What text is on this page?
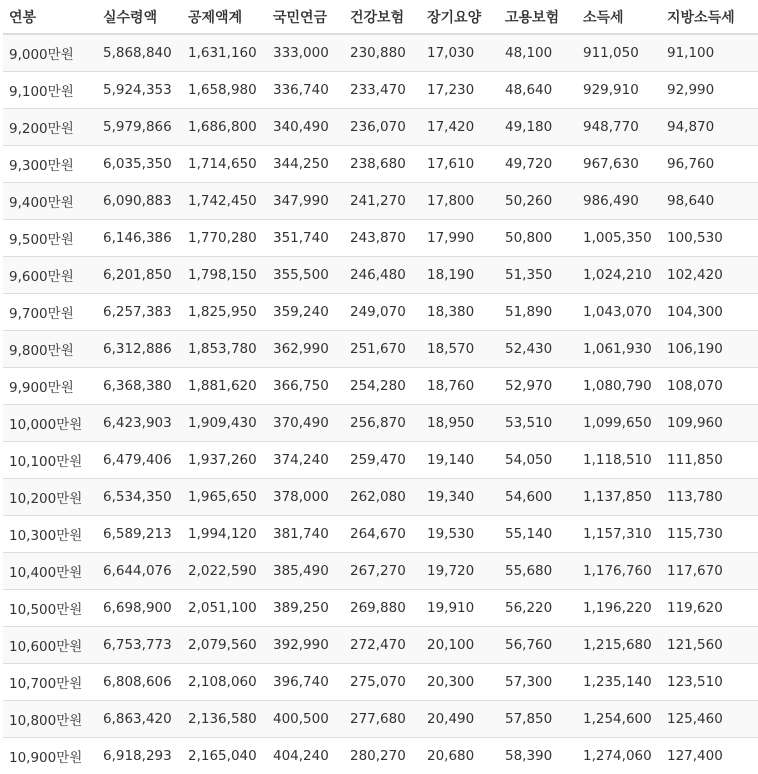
연봉	실수령액	공제액계	국민연금	건강보험	장기요양	고용보험	소득세	지방소득세
9,000만원	5,868,840	1,631,160	333,000	230,880	17,030	48,100	911,050	91,100
9,100만원	5,924,353	1,658,980	336,740	233,470	17,230	48,640	929,910	92,990
9,200만원	5,979,866	1,686,800	340,490	236,070	17,420	49,180	948,770	94,870
9,300만원	6,035,350	1,714,650	344,250	238,680	17,610	49,720	967,630	96,760
9,400만원	6,090,883	1,742,450	347,990	241,270	17,800	50,260	986,490	98,640
9,500만원	6,146,386	1,770,280	351,740	243,870	17,990	50,800	1,005,350	100,530
9,600만원	6,201,850	1,798,150	355,500	246,480	18,190	51,350	1,024,210	102,420
9,700만원	6,257,383	1,825,950	359,240	249,070	18,380	51,890	1,043,070	104,300
9,800만원	6,312,886	1,853,780	362,990	251,670	18,570	52,430	1,061,930	106,190
9,900만원	6,368,380	1,881,620	366,750	254,280	18,760	52,970	1,080,790	108,070
10,000만원	6,423,903	1,909,430	370,490	256,870	18,950	53,510	1,099,650	109,960
10,100만원	6,479,406	1,937,260	374,240	259,470	19,140	54,050	1,118,510	111,850
10,200만원	6,534,350	1,965,650	378,000	262,080	19,340	54,600	1,137,850	113,780
10,300만원	6,589,213	1,994,120	381,740	264,670	19,530	55,140	1,157,310	115,730
10,400만원	6,644,076	2,022,590	385,490	267,270	19,720	55,680	1,176,760	117,670
10,500만원	6,698,900	2,051,100	389,250	269,880	19,910	56,220	1,196,220	119,620
10,600만원	6,753,773	2,079,560	392,990	272,470	20,100	56,760	1,215,680	121,560
10,700만원	6,808,606	2,108,060	396,740	275,070	20,300	57,300	1,235,140	123,510
10,800만원	6,863,420	2,136,580	400,500	277,680	20,490	57,850	1,254,600	125,460
10,900만원	6,918,293	2,165,040	404,240	280,270	20,680	58,390	1,274,060	127,400
